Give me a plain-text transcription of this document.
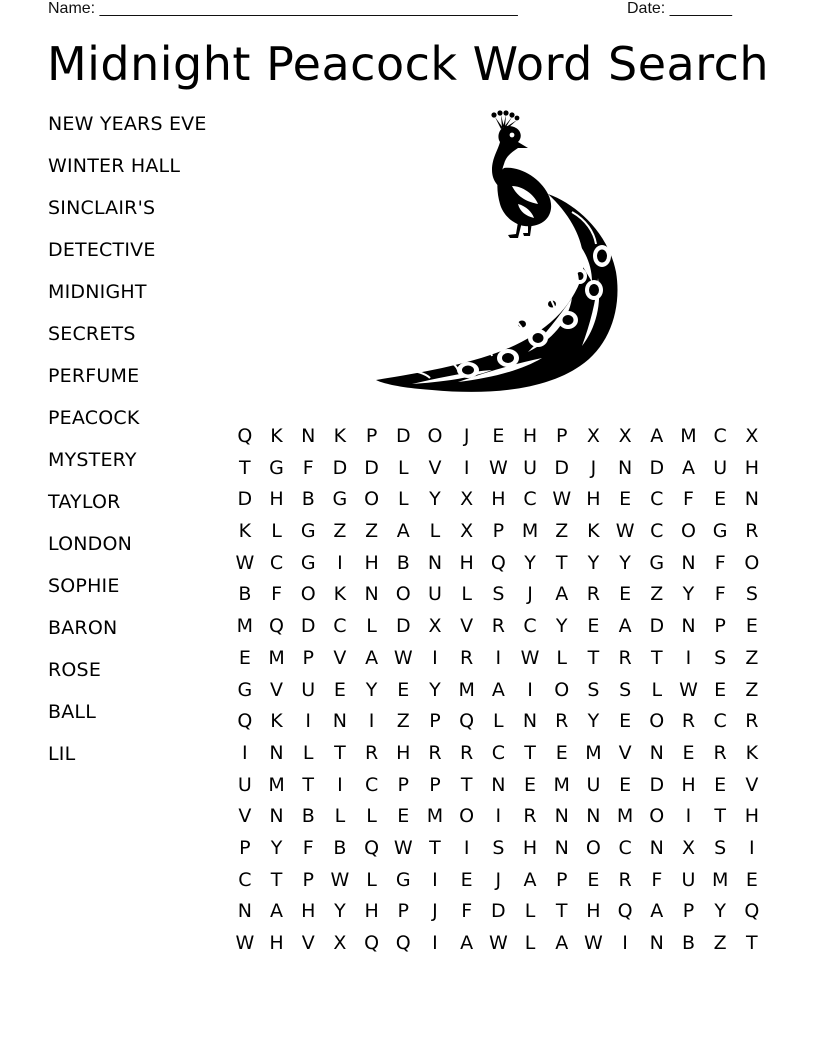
Name: _______________________________________________	Date: _______
Midnight Peacock Word Search
NEW YEARS EVE
WINTER HALL
SINCLAIR'S
DETECTIVE
MIDNIGHT
SECRETS
PERFUME
PEACOCK
MYSTERY
TAYLOR
LONDON
SOPHIE
BARON
ROSE
BALL
LIL
Q K N K	P D O	J	E H P	X X A M C X
T G F D D	L	V	I	W U D	J	N D A U H
D H B G O L	Y	X H C W H E	C	F	E N
K	L	G Z Z A	L	X	P M Z K W C O G R
W C G	I	H B N H Q Y	T	Y	Y G N	F O
B	F O K N O U	L	S	J	A R	E	Z	Y	F	S
M Q D C	L	D X V R C	Y	E	A D N P	E
E M P	V A W	I	R	I	W L	T	R	T	I	S	Z
G V U E	Y	E	Y M A	I	O S	S	L W E	Z
Q K	I	N	I	Z	P Q L	N R	Y	E O R C R
I	N	L	T	R H R R C	T	E M V N E	R K
U M T	I	C	P	P	T N E M U E D H E	V
V N B	L	L	E M O	I	R N N M O	I	T H
P	Y	F	B Q W T	I	S H N O C N X	S	I
C	T	P W L	G	I	E	J	A	P	E	R	F	U M E
N A H Y H P	J	F D	L	T H Q A	P	Y Q
W H V X Q Q	I	A W L	A W	I	N B Z	T
